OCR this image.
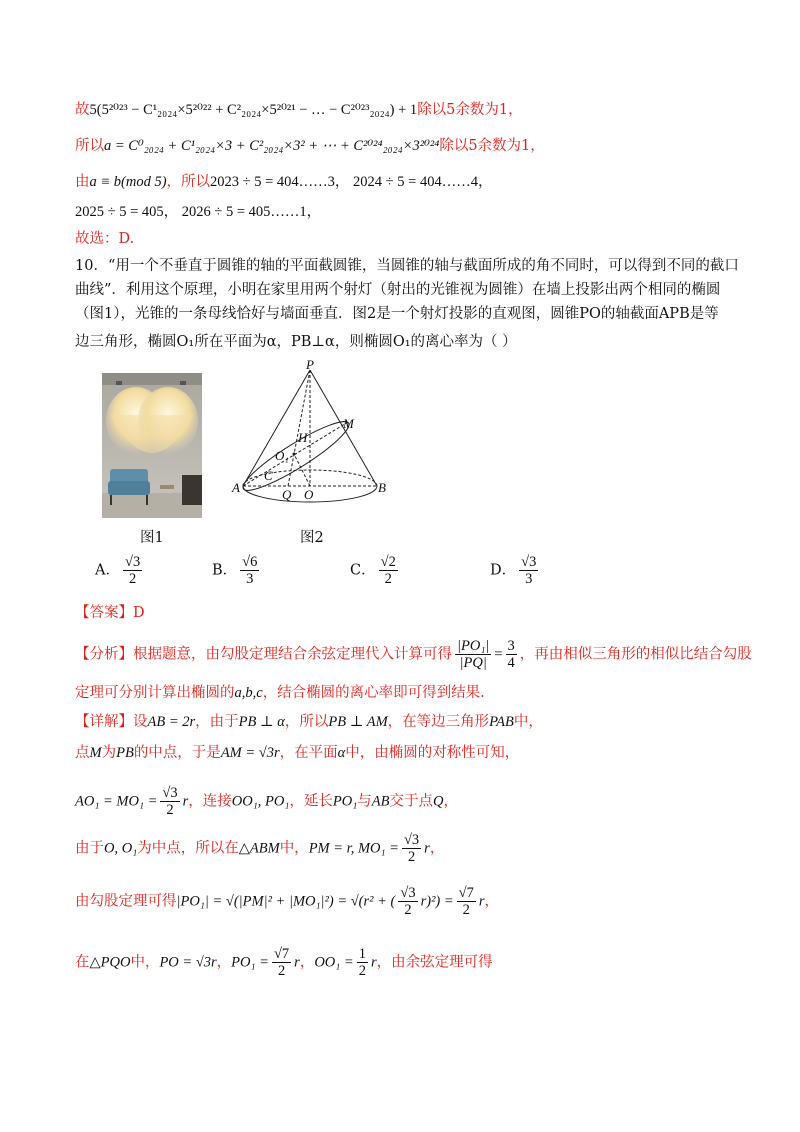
故5(5²⁰²³ − C¹₂₀₂₄×5²⁰²² + C²₂₀₂₄×5²⁰²¹ − … − C²⁰²³₂₀₂₄) + 1除以5余数为1，
所以a = C⁰₂₀₂₄ + C¹₂₀₂₄×3 + C²₂₀₂₄×3² + ⋯ + C²⁰²⁴₂₀₂₄×3²⁰²⁴除以5余数为1，
由a ≡ b(mod 5)，所以2023 ÷ 5 = 404……3， 2024 ÷ 5 = 404……4，
2025 ÷ 5 = 405， 2026 ÷ 5 = 405……1，
故选：D.
10．“用一个不垂直于圆锥的轴的平面截圆锥，当圆锥的轴与截面所成的角不同时，可以得到不同的截口
曲线”．利用这个原理，小明在家里用两个射灯（射出的光锥视为圆锥）在墙上投影出两个相同的椭圆
（图1），光锥的一条母线恰好与墙面垂直．图2是一个射灯投影的直观图，圆锥PO的轴截面APB是等
边三角形，椭圆O₁所在平面为α，PB⊥α，则椭圆O₁的离心率为（ ）
图1
P
M
H
O₁
C
A	Q O	B
图2
A． $\frac{√3}{2}$	B． $\frac{√6}{3}$	C． $\frac{√2}{2}$	D． $\frac{√3}{3}$
【答案】D
【分析】根据题意，由勾股定理结合余弦定理代入计算可得 $\frac{\text{|PO₁|}}{|PQ|} = \frac{3}{4}$ ，再由相似三角形的相似比结合勾股
定理可分别计算出椭圆的a,b,c，结合椭圆的离心率即可得到结果.
【详解】设AB = 2r，由于PB ⊥ α，所以PB ⊥ AM，在等边三角形PAB中，
点M为PB的中点，于是AM = √3r，在平面α中，由椭圆的对称性可知，
$AO_1 = MO_1 = \frac{√3}{2}$ r，连接OO₁, PO₁，延长PO₁与AB交于点Q，
由于O, O₁为中点，所以在△ABM中，PM = r, $MO_1 = \frac{√3}{2}$ r，
由勾股定理可得|PO₁| = √(|PM|² + |MO₁|²) = √(r² + ( $\frac{√3}{2} r)^2) = \frac{√7}{2}$ r，
在△PQO中，PO = √3r，$PO_1 = \frac{√7}{2}$ r，$OO_1 = \frac{1}{2}$ r，由余弦定理可得
